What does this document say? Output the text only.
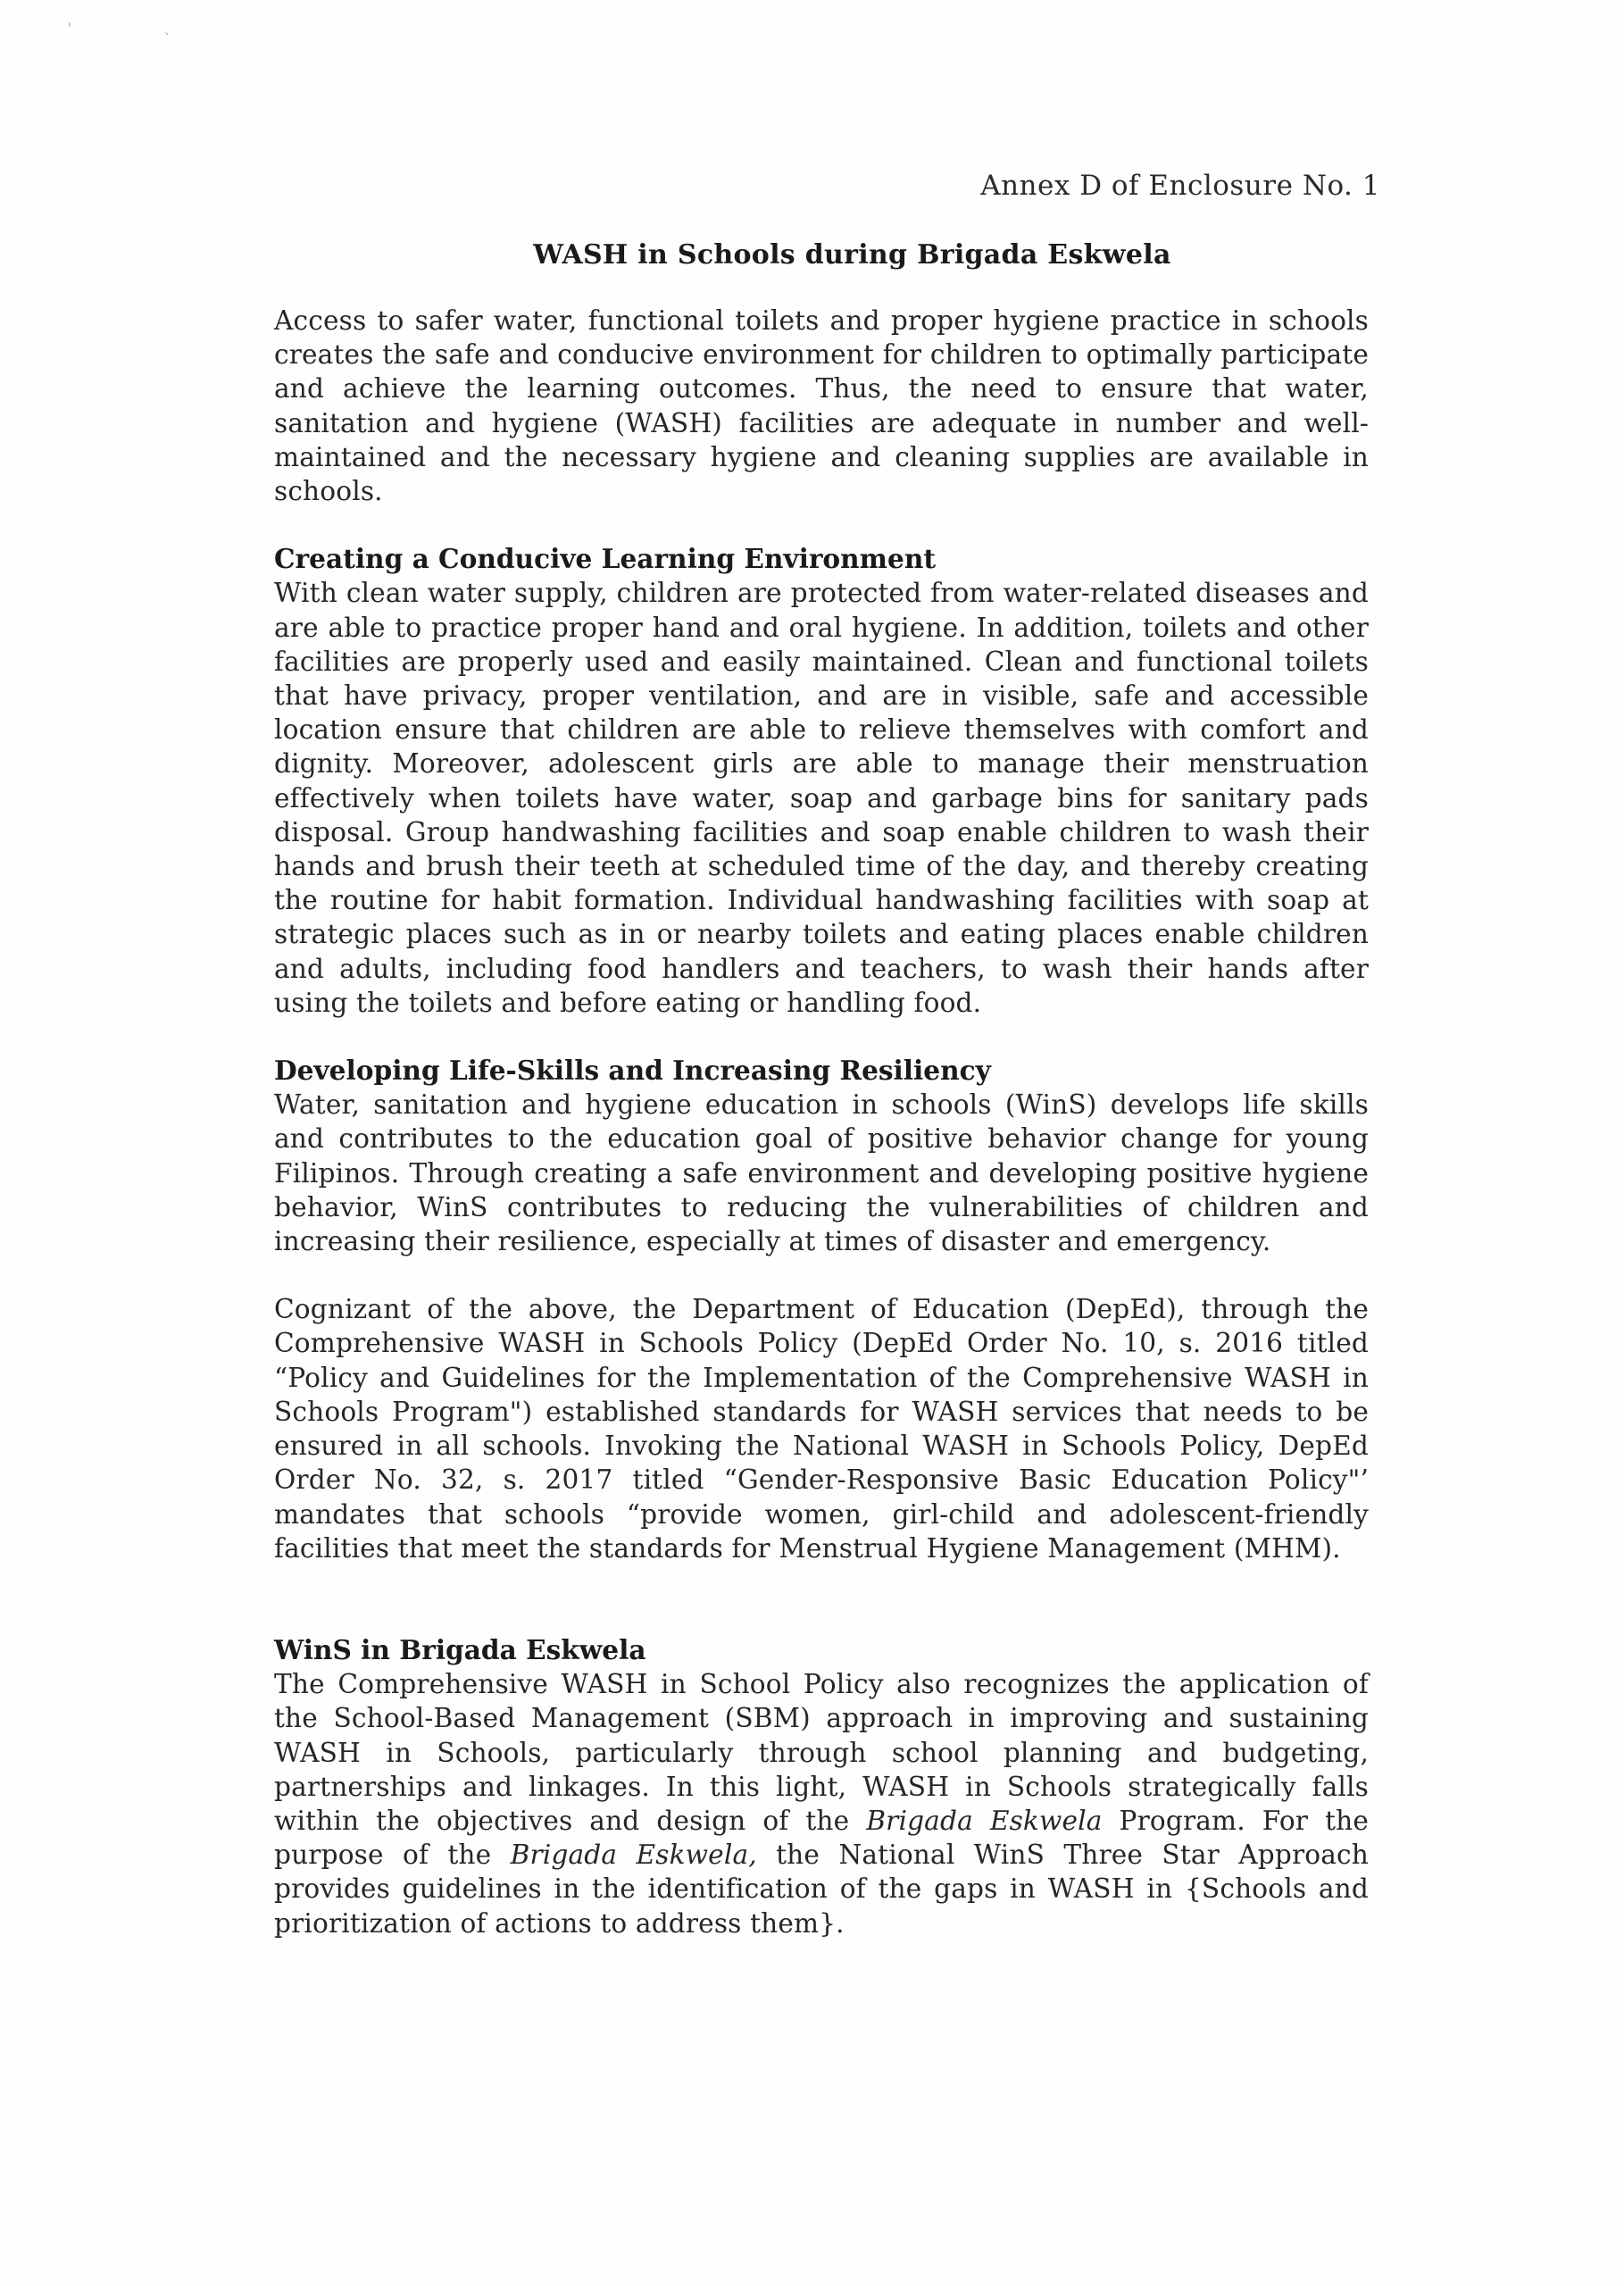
'
`
Annex D of Enclosure No. 1
WASH in Schools during Brigada Eskwela

Access to safer water, functional toilets and proper hygiene practice in schools creates the safe and conducive environment for children to optimally participate and achieve the learning outcomes. Thus, the need to ensure that water, sanitation and hygiene (WASH) facilities are adequate in number and well- maintained and the necessary hygiene and cleaning supplies are available in schools.

Creating a Conducive Learning Environment

With clean water supply, children are protected from water-related diseases and are able to practice proper hand and oral hygiene. In addition, toilets and other facilities are properly used and easily maintained. Clean and functional toilets that have privacy, proper ventilation, and are in visible, safe and accessible location ensure that children are able to relieve themselves with comfort and dignity. Moreover, adolescent girls are able to manage their menstruation effectively when toilets have water, soap and garbage bins for sanitary pads disposal. Group handwashing facilities and soap enable children to wash their hands and brush their teeth at scheduled time of the day, and thereby creating the routine for habit formation. Individual handwashing facilities with soap at strategic places such as in or nearby toilets and eating places enable children and adults, including food handlers and teachers, to wash their hands after using the toilets and before eating or handling food.

Developing Life-Skills and Increasing Resiliency

Water, sanitation and hygiene education in schools (WinS) develops life skills and contributes to the education goal of positive behavior change for young Filipinos. Through creating a safe environment and developing positive hygiene behavior, WinS contributes to reducing the vulnerabilities of children and increasing their resilience, especially at times of disaster and emergency.

Cognizant of the above, the Department of Education (DepEd), through the Comprehensive WASH in Schools Policy (DepEd Order No. 10, s. 2016 titled “Policy and Guidelines for the Implementation of the Comprehensive WASH in Schools Program") established standards for WASH services that needs to be ensured in all schools. Invoking the National WASH in Schools Policy, DepEd Order No. 32, s. 2017 titled “Gender-Responsive Basic Education Policy"’ mandates that schools “provide women, girl-child and adolescent-friendly facilities that meet the standards for Menstrual Hygiene Management (MHM).

WinS in Brigada Eskwela

The Comprehensive WASH in School Policy also recognizes the application of the School-Based Management (SBM) approach in improving and sustaining WASH in Schools, particularly through school planning and budgeting, partnerships and linkages. In this light, WASH in Schools strategically falls within the objectives and design of the Brigada Eskwela Program. For the purpose of the Brigada Eskwela, the National WinS Three Star Approach provides guidelines in the identification of the gaps in WASH in {Schools and prioritization of actions to address them}.
